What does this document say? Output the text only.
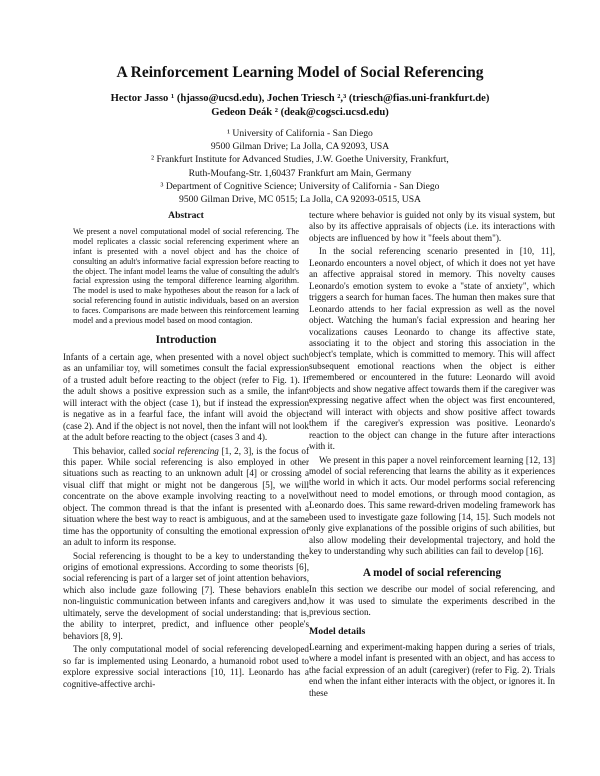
A Reinforcement Learning Model of Social Referencing
Hector Jasso ¹ (hjasso@ucsd.edu), Jochen Triesch ²,³ (triesch@fias.uni-frankfurt.de)
Gedeon Deák ² (deak@cogsci.ucsd.edu)
¹ University of California - San Diego
9500 Gilman Drive; La Jolla, CA 92093, USA
² Frankfurt Institute for Advanced Studies, J.W. Goethe University, Frankfurt,
Ruth-Moufang-Str. 1,60437 Frankfurt am Main, Germany
³ Department of Cognitive Science; University of California - San Diego
9500 Gilman Drive, MC 0515; La Jolla, CA 92093-0515, USA
Abstract

We present a novel computational model of social referencing. The model replicates a classic social referencing experiment where an infant is presented with a novel object and has the choice of consulting an adult's informative facial expression before reacting to the object. The infant model learns the value of consulting the adult's facial expression using the temporal difference learning algorithm. The model is used to make hypotheses about the reason for a lack of social referencing found in autistic individuals, based on an aversion to faces. Comparisons are made between this reinforcement learning model and a previous model based on mood contagion.

Introduction

Infants of a certain age, when presented with a novel object such as an unfamiliar toy, will sometimes consult the facial expression of a trusted adult before reacting to the object (refer to Fig. 1). If the adult shows a positive expression such as a smile, the infant will interact with the object (case 1), but if instead the expression is negative as in a fearful face, the infant will avoid the object (case 2). And if the object is not novel, then the infant will not look at the adult before reacting to the object (cases 3 and 4).

This behavior, called social referencing [1, 2, 3], is the focus of this paper. While social referencing is also employed in other situations such as reacting to an unknown adult [4] or crossing a visual cliff that might or might not be dangerous [5], we will concentrate on the above example involving reacting to a novel object. The common thread is that the infant is presented with a situation where the best way to react is ambiguous, and at the same time has the opportunity of consulting the emotional expression of an adult to inform its response.

Social referencing is thought to be a key to understanding the origins of emotional expressions. According to some theorists [6], social referencing is part of a larger set of joint attention behaviors, which also include gaze following [7]. These behaviors enable non-linguistic communication between infants and caregivers and, ultimately, serve the development of social understanding: that is, the ability to interpret, predict, and influence other people's behaviors [8, 9].

The only computational model of social referencing developed so far is implemented using Leonardo, a humanoid robot used to explore expressive social interactions [10, 11]. Leonardo has a cognitive-affective archi-

tecture where behavior is guided not only by its visual system, but also by its affective appraisals of objects (i.e. its interactions with objects are influenced by how it "feels about them").

In the social referencing scenario presented in [10, 11], Leonardo encounters a novel object, of which it does not yet have an affective appraisal stored in memory. This novelty causes Leonardo's emotion system to evoke a "state of anxiety", which triggers a search for human faces. The human then makes sure that Leonardo attends to her facial expression as well as the novel object. Watching the human's facial expression and hearing her vocalizations causes Leonardo to change its affective state, associating it to the object and storing this association in the object's template, which is committed to memory. This will affect subsequent emotional reactions when the object is either remembered or encountered in the future: Leonardo will avoid objects and show negative affect towards them if the caregiver was expressing negative affect when the object was first encountered, and will interact with objects and show positive affect towards them if the caregiver's expression was positive. Leonardo's reaction to the object can change in the future after interactions with it.

We present in this paper a novel reinforcement learning [12, 13] model of social referencing that learns the ability as it experiences the world in which it acts. Our model performs social referencing without need to model emotions, or through mood contagion, as Leonardo does. This same reward-driven modeling framework has been used to investigate gaze following [14, 15]. Such models not only give explanations of the possible origins of such abilities, but also allow modeling their developmental trajectory, and hold the key to understanding why such abilities can fail to develop [16].

A model of social referencing

In this section we describe our model of social referencing, and how it was used to simulate the experiments described in the previous section.

Model details

Learning and experiment-making happen during a series of trials, where a model infant is presented with an object, and has access to the facial expression of an adult (caregiver) (refer to Fig. 2). Trials end when the infant either interacts with the object, or ignores it. In these
